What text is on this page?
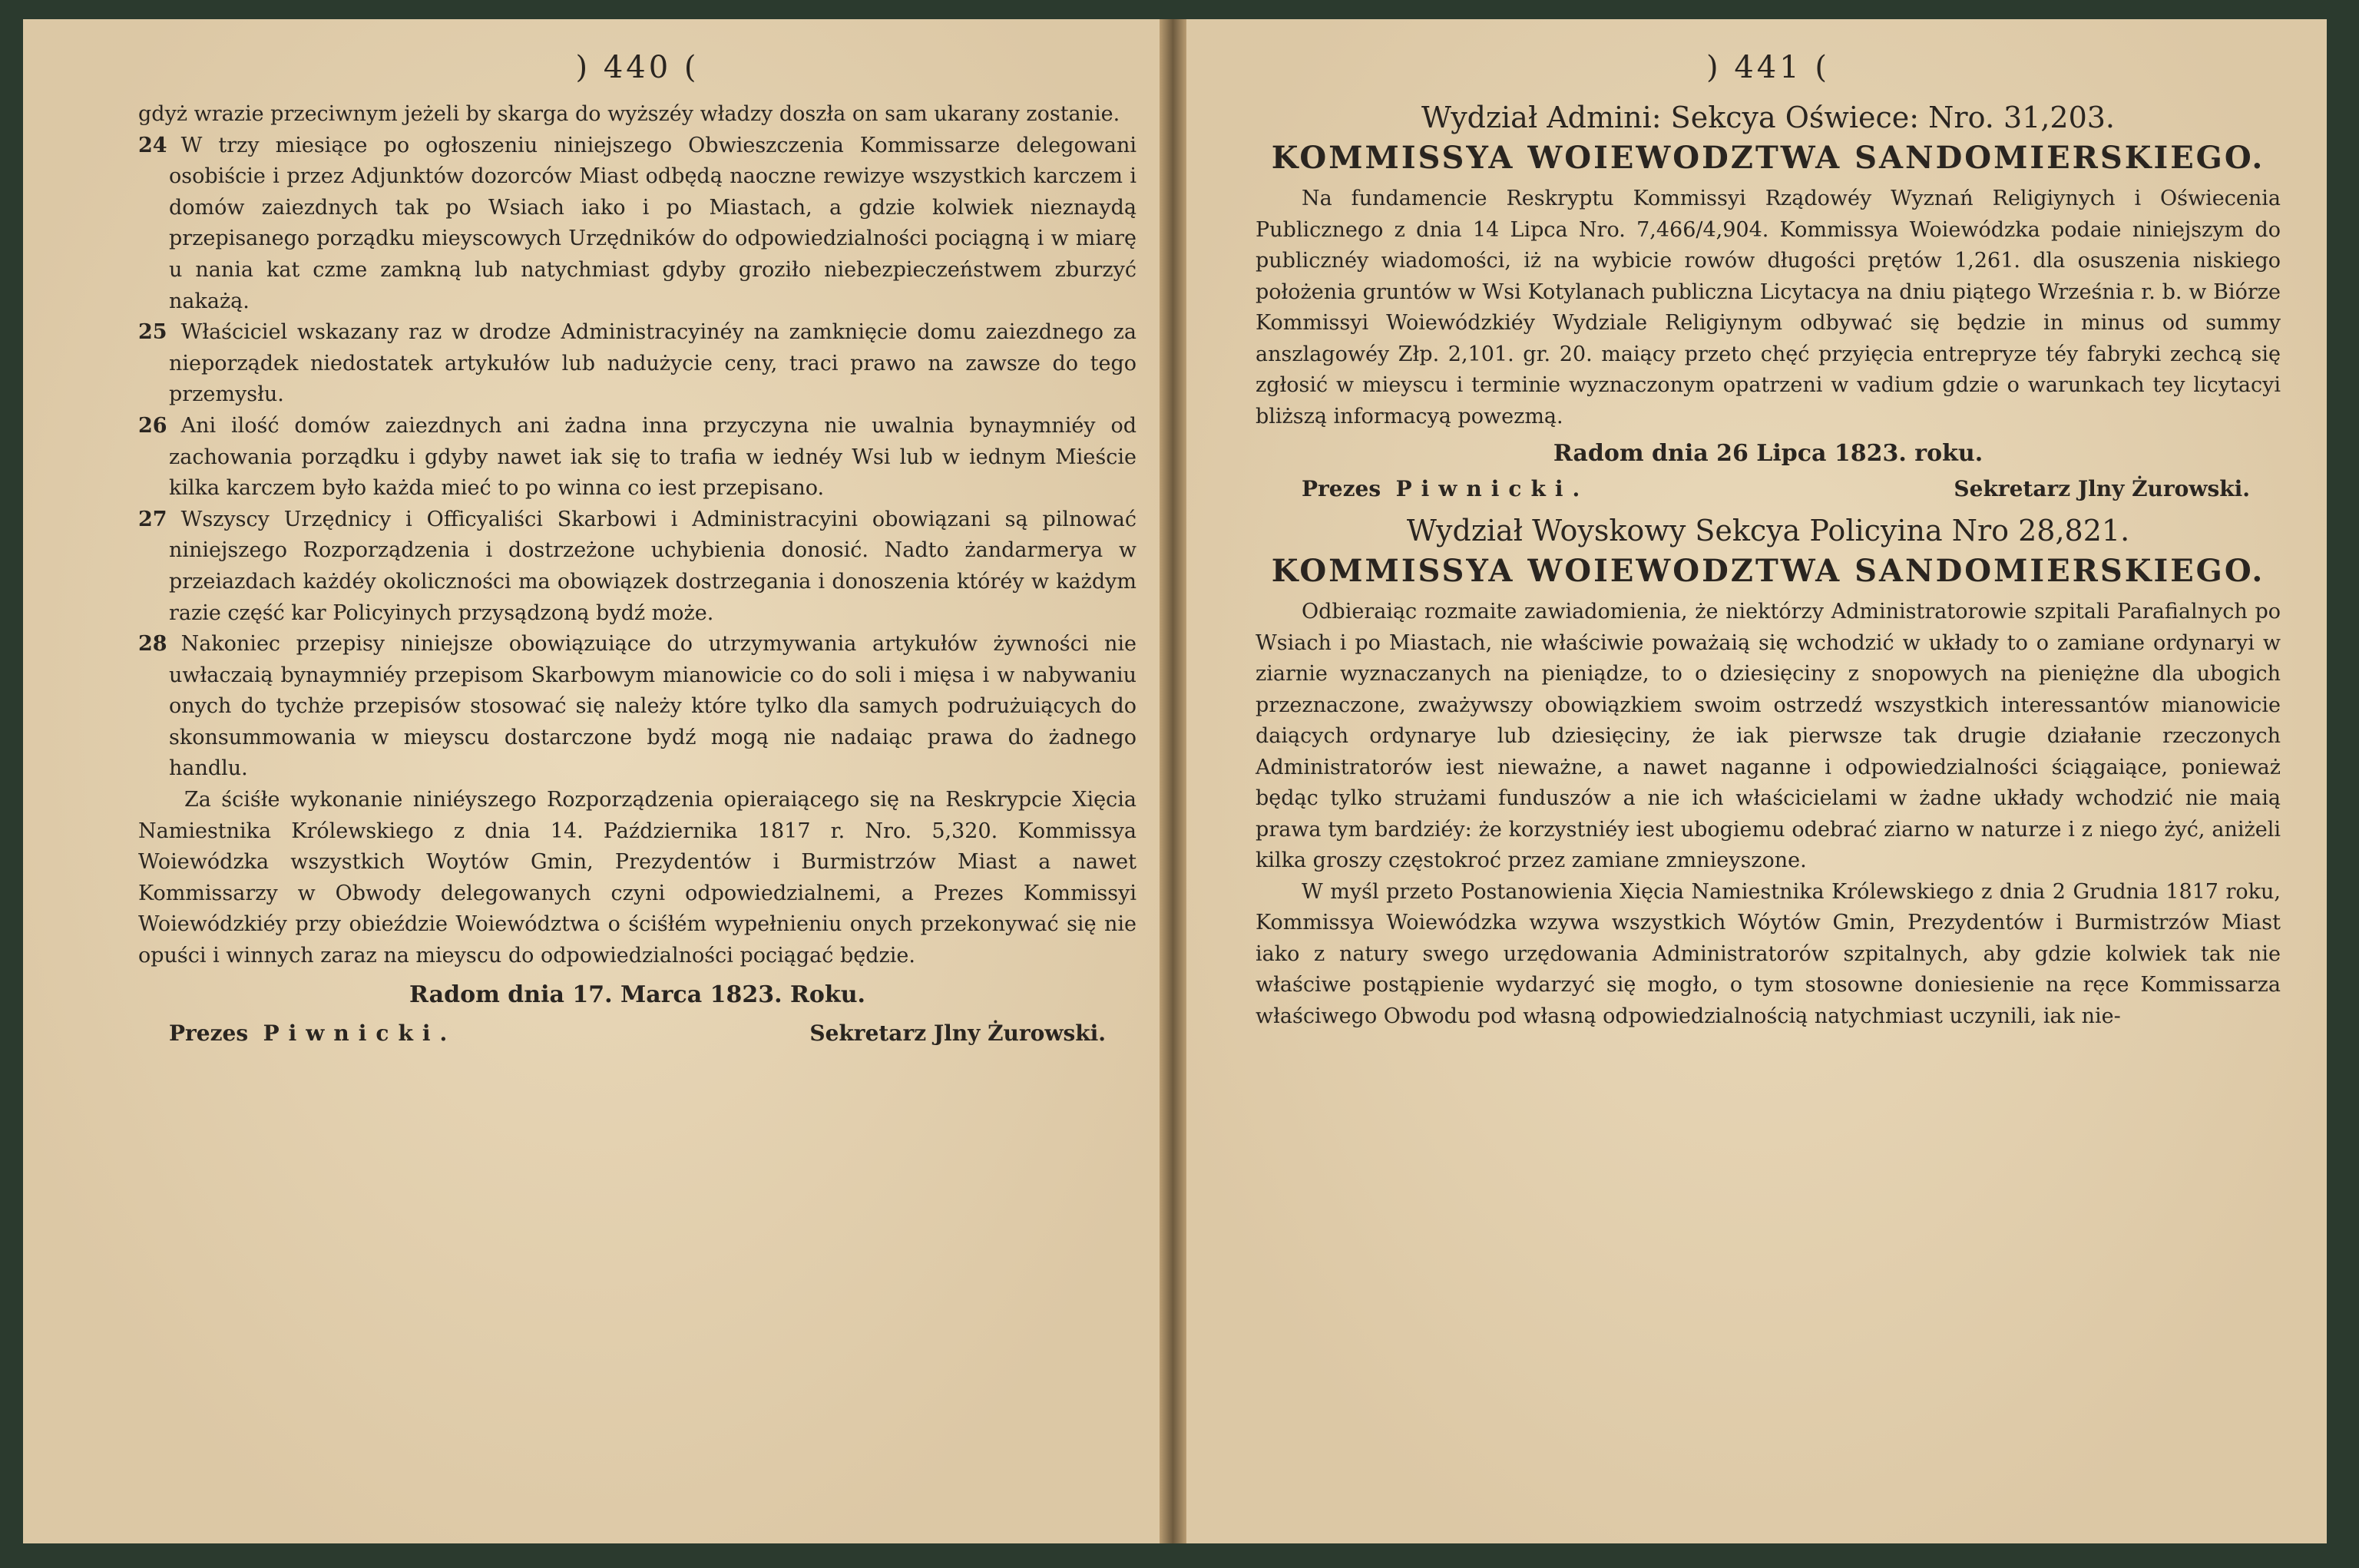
) 440 (

gdyż wrazie przeciwnym jeżeli by skarga do wyższéy władzy doszła on sam ukarany zostanie.

24 W trzy miesiące po ogłoszeniu niniejszego Obwieszczenia Kommissarze delegowani osobiście i przez Adjunktów dozorców Miast odbędą naoczne rewizye wszystkich karczem i domów zaiezdnych tak po Wsiach iako i po Miastach, a gdzie kolwiek nieznaydą przepisanego porządku mieyscowych Urzędników do odpowiedzialności pociągną i w miarę u nania kat czme zamkną lub natychmiast gdyby groziło niebezpieczeństwem zburzyć nakażą.

25 Właściciel wskazany raz w drodze Administracyinéy na zamknięcie domu zaiezdnego za nieporządek niedostatek artykułów lub nadużycie ceny, traci prawo na zawsze do tego przemysłu.

26 Ani ilość domów zaiezdnych ani żadna inna przyczyna nie uwalnia bynaymniéy od zachowania porządku i gdyby nawet iak się to trafia w iednéy Wsi lub w iednym Mieście kilka karczem było każda mieć to po winna co iest przepisano.

27 Wszyscy Urzędnicy i Officyaliści Skarbowi i Administracyini obowiązani są pilnować niniejszego Rozporządzenia i dostrzeżone uchybienia donosić. Nadto żandarmerya w przeiazdach każdéy okoliczności ma obowiązek dostrzegania i donoszenia któréy w każdym razie część kar Policyinych przysądzoną bydź może.

28 Nakoniec przepisy niniejsze obowiązuiące do utrzymywania artykułów żywności nie uwłaczaią bynaymniéy przepisom Skarbowym mianowicie co do soli i mięsa i w nabywaniu onych do tychże przepisów stosować się należy które tylko dla samych podrużuiących do skonsummowania w mieyscu dostarczone bydź mogą nie nadaiąc prawa do żadnego handlu.

Za ściśłe wykonanie niniéyszego Rozporządzenia opieraiącego się na Reskrypcie Xięcia Namiestnika Królewskiego z dnia 14. Października 1817 r. Nro. 5,320. Kommissya Woiewódzka wszystkich Woytów Gmin, Prezydentów i Burmistrzów Miast a nawet Kommissarzy w Obwody delegowanych czyni odpowiedzialnemi, a Prezes Kommissyi Woiewódzkiéy przy obieździe Woiewództwa o ściśłém wypełnieniu onych przekonywać się nie opuści i winnych zaraz na mieyscu do odpowiedzialności pociągać będzie.

Radom dnia 17. Marca 1823. Roku.
Prezes Piwnicki.	Sekretarz Jlny Żurowski.
) 441 (
Wydział Admini: Sekcya Oświece: Nro. 31,203.
KOMMISSYA WOIEWODZTWA SANDOMIERSKIEGO.

Na fundamencie Reskryptu Kommissyi Rządowéy Wyznań Religiynych i Oświecenia Publicznego z dnia 14 Lipca Nro. 7,466/4,904. Kommissya Woiewódzka podaie niniejszym do publicznéy wiadomości, iż na wybicie rowów długości prętów 1,261. dla osuszenia niskiego położenia gruntów w Wsi Kotylanach publiczna Licytacya na dniu piątego Września r. b. w Biórze Kommissyi Woiewódzkiéy Wydziale Religiynym odbywać się będzie in minus od summy anszlagowéy Złp. 2,101. gr. 20. maiący przeto chęć przyięcia entrepryze téy fabryki zechcą się zgłosić w mieyscu i terminie wyznaczonym opatrzeni w vadium gdzie o warunkach tey licytacyi bliższą informacyą powezmą.

Radom dnia 26 Lipca 1823. roku.
Prezes Piwnicki.	Sekretarz Jlny Żurowski.
Wydział Woyskowy Sekcya Policyina Nro 28,821.
KOMMISSYA WOIEWODZTWA SANDOMIERSKIEGO.

Odbieraiąc rozmaite zawiadomienia, że niektórzy Administratorowie szpitali Parafialnych po Wsiach i po Miastach, nie właściwie poważaią się wchodzić w układy to o zamiane ordynaryi w ziarnie wyznaczanych na pieniądze, to o dziesięciny z snopowych na pieniężne dla ubogich przeznaczone, zważywszy obowiązkiem swoim ostrzedź wszystkich interessantów mianowicie daiących ordynarye lub dziesięciny, że iak pierwsze tak drugie działanie rzeczonych Administratorów iest nieważne, a nawet naganne i odpowiedzialności ściągaiące, ponieważ będąc tylko strużami funduszów a nie ich właścicielami w żadne układy wchodzić nie maią prawa tym bardziéy: że korzystniéy iest ubogiemu odebrać ziarno w naturze i z niego żyć, aniżeli kilka groszy częstokroć przez zamiane zmnieyszone.

W myśl przeto Postanowienia Xięcia Namiestnika Królewskiego z dnia 2 Grudnia 1817 roku, Kommissya Woiewódzka wzywa wszystkich Wóytów Gmin, Prezydentów i Burmistrzów Miast iako z natury swego urzędowania Administratorów szpitalnych, aby gdzie kolwiek tak nie właściwe postąpienie wydarzyć się mogło, o tym stosowne doniesienie na ręce Kommissarza właściwego Obwodu pod własną odpowiedzialnością natychmiast uczynili, iak nie-
